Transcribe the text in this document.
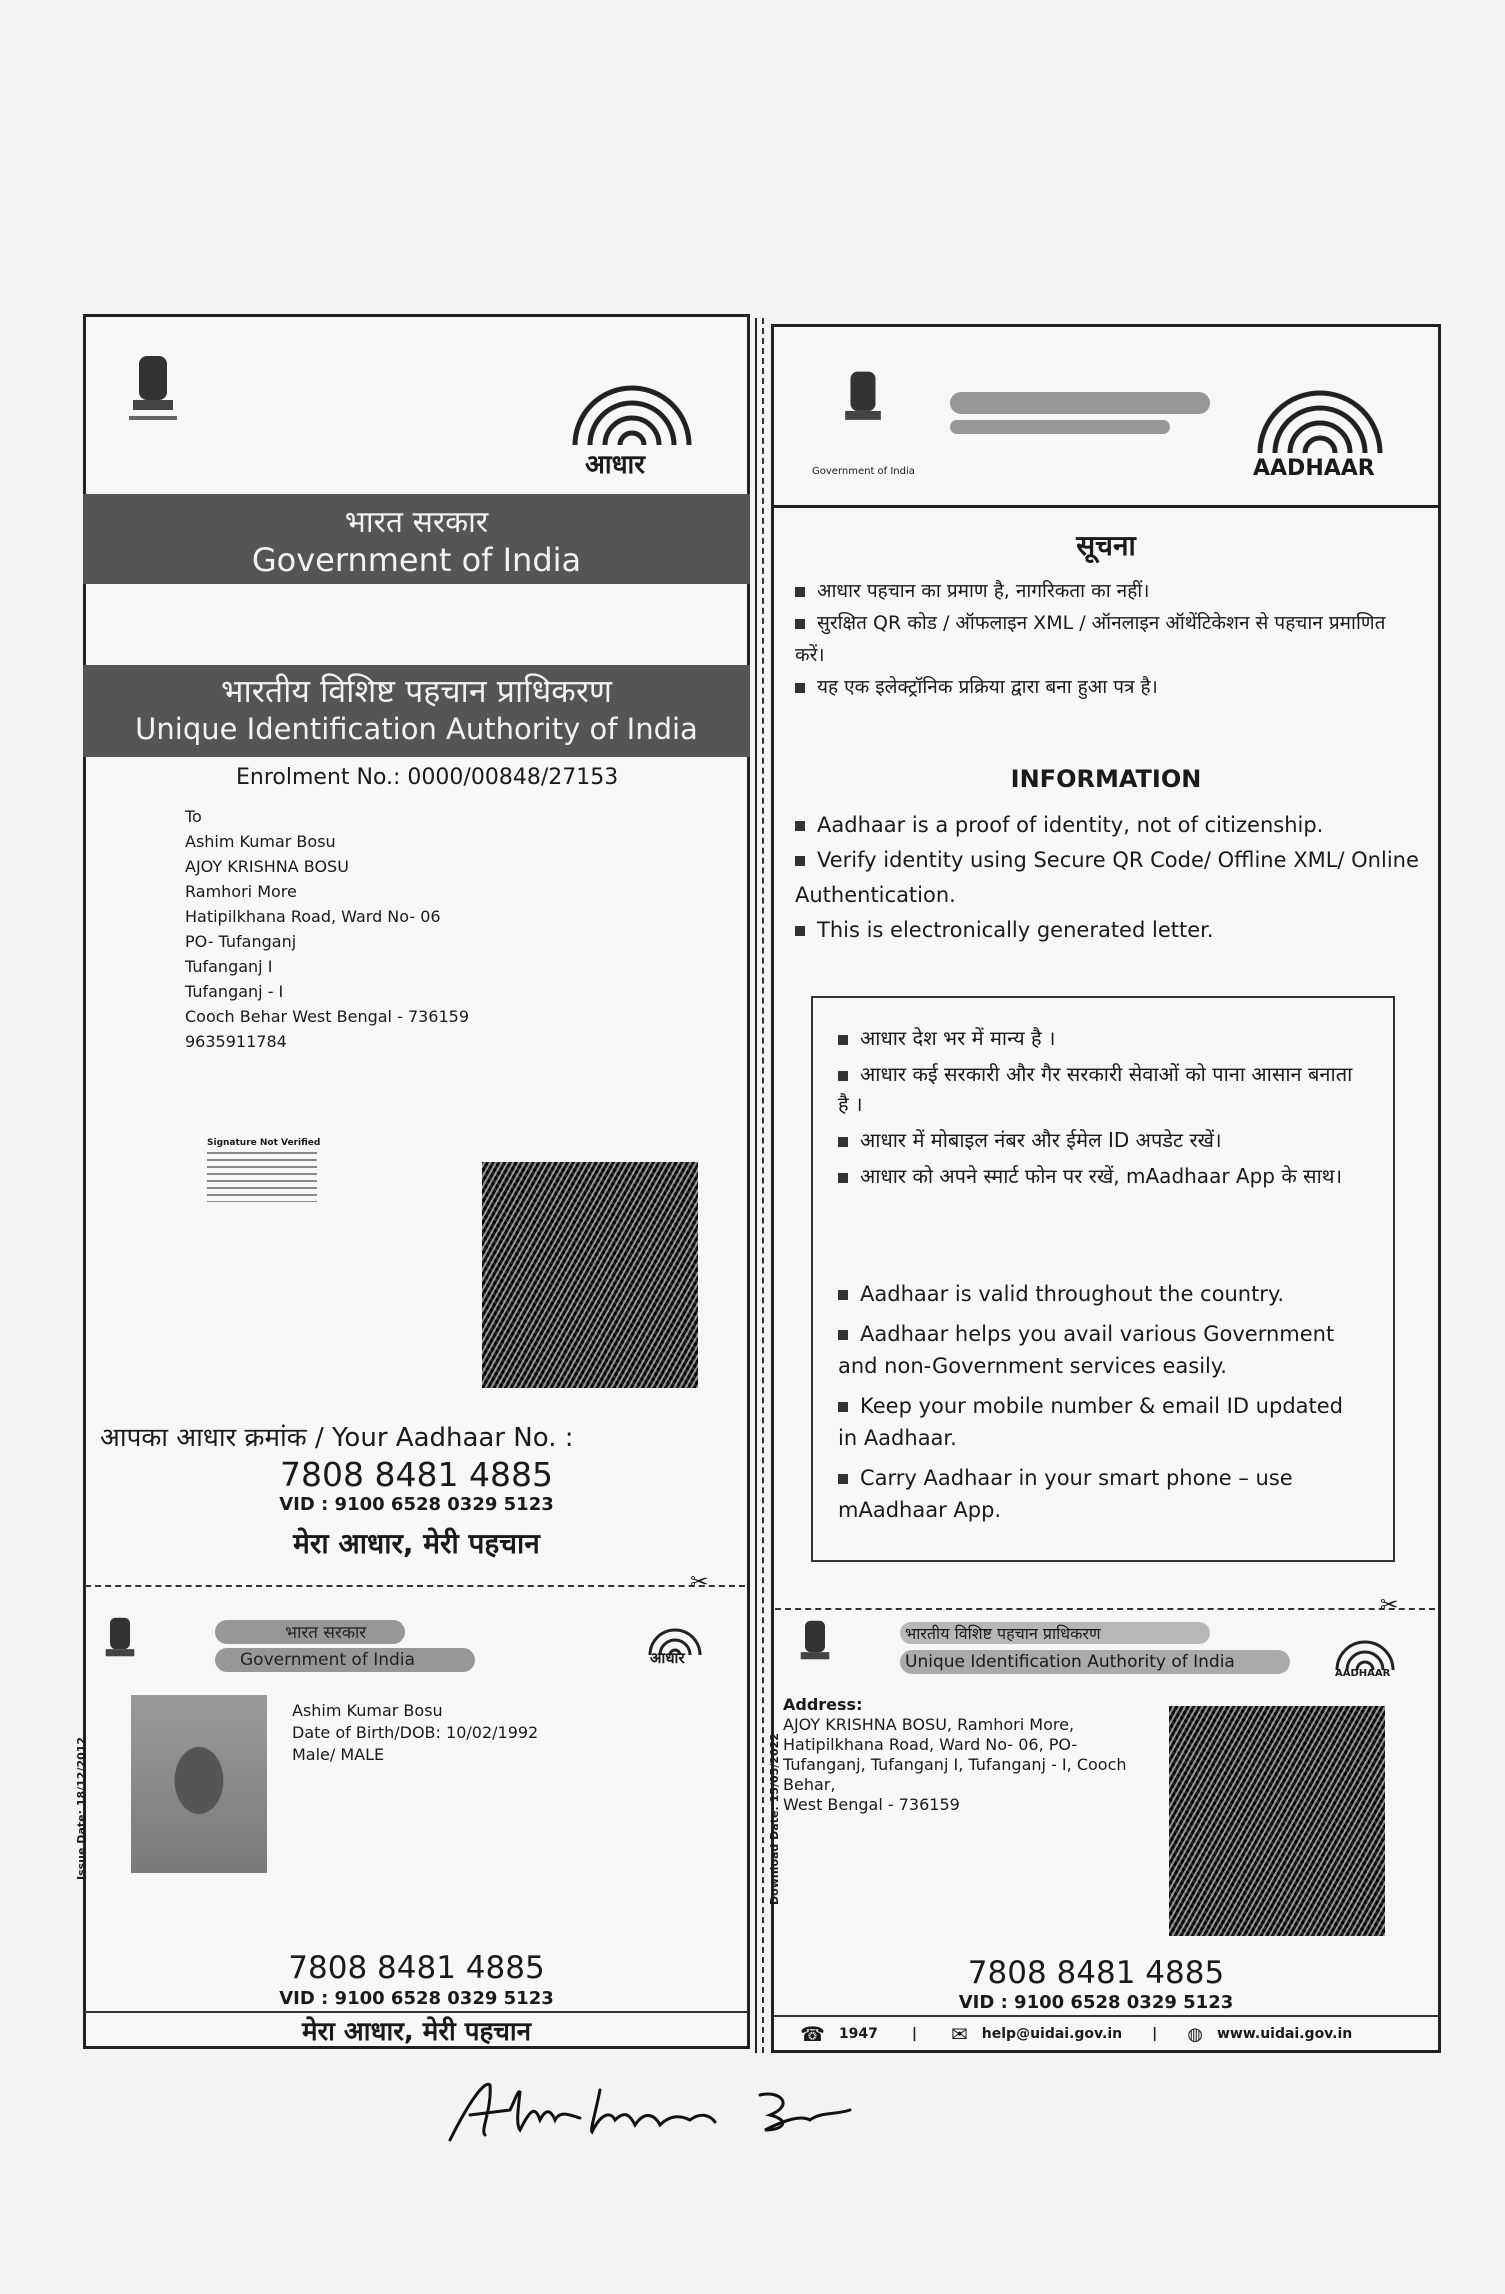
आधार
भारत सरकार
Government of India
भारतीय विशिष्ट पहचान प्राधिकरण
Unique Identification Authority of India
Enrolment No.: 0000/00848/27153
To
Ashim Kumar Bosu
AJOY KRISHNA BOSU
Ramhori More
Hatipilkhana Road, Ward No- 06
PO- Tufanganj
Tufanganj I
Tufanganj - I
Cooch Behar West Bengal - 736159
9635911784
Signature Not Verified
आपका आधार क्रमांक / Your Aadhaar No. :
7808 8481 4885
VID : 9100 6528 0329 5123
मेरा आधार, मेरी पहचान
✂
भारत सरकार
Government of India	आधार
Issue Date: 18/12/2012
Ashim Kumar Bosu
Date of Birth/DOB: 10/02/1992
Male/ MALE
7808 8481 4885
VID : 9100 6528 0329 5123
मेरा आधार, मेरी पहचान
Government of India	AADHAAR
सूचना
आधार पहचान का प्रमाण है, नागरिकता का नहीं।
सुरक्षित QR कोड / ऑफलाइन XML / ऑनलाइन ऑथेंटिकेशन से पहचान प्रमाणित करें।
यह एक इलेक्ट्रॉनिक प्रक्रिया द्वारा बना हुआ पत्र है।
INFORMATION
Aadhaar is a proof of identity, not of citizenship.
Verify identity using Secure QR Code/ Offline XML/ Online Authentication.
This is electronically generated letter.
आधार देश भर में मान्य है ।
आधार कई सरकारी और गैर सरकारी सेवाओं को पाना आसान बनाता है ।
आधार में मोबाइल नंबर और ईमेल ID अपडेट रखें।
आधार को अपने स्मार्ट फोन पर रखें, mAadhaar App के साथ।
Aadhaar is valid throughout the country.
Aadhaar helps you avail various Government and non-Government services easily.
Keep your mobile number & email ID updated in Aadhaar.
Carry Aadhaar in your smart phone – use mAadhaar App.
✂
भारतीय विशिष्ट पहचान प्राधिकरण
Unique Identification Authority of India
AADHAAR
Download Date: 15/05/2022
Address:
AJOY KRISHNA BOSU, Ramhori More,
Hatipilkhana Road, Ward No- 06, PO-
Tufanganj, Tufanganj I, Tufanganj - I, Cooch
Behar,
West Bengal - 736159
7808 8481 4885
VID : 9100 6528 0329 5123
☎ 1947 | ✉ help@uidai.gov.in | ◍ www.uidai.gov.in
